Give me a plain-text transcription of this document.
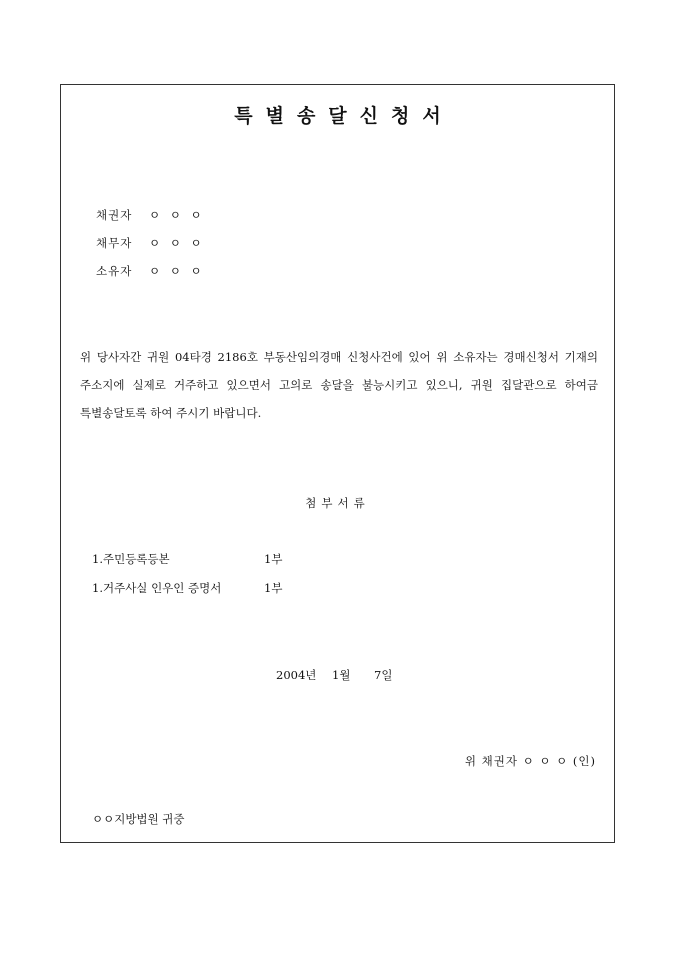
특별송달신청서
채권자 ㅇ ㅇ ㅇ
채무자 ㅇ ㅇ ㅇ
소유자 ㅇ ㅇ ㅇ
위 당사자간 귀원 04타경 2186호 부동산임의경매 신청사건에 있어 위 소유자는 경매신청서 기재의 주소지에 실제로 거주하고 있으면서 고의로 송달을 불능시키고 있으니, 귀원 집달관으로 하여금 특별송달토록 하여 주시기 바랍니다.
첨부서류
1.주민등록등본	1부
1.거주사실 인우인 증명서	1부
2004년 1월 7일
위 채권자 ㅇ ㅇ ㅇ (인)
ㅇㅇ지방법원 귀중
